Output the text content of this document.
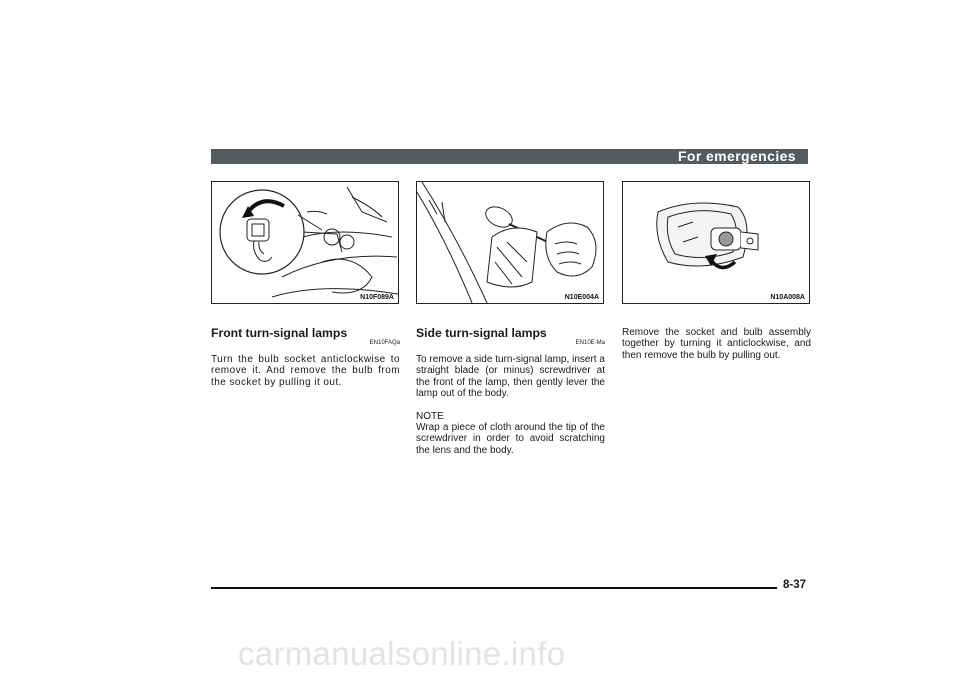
For emergencies
N10F089A	N10E004A	N10A008A
Front turn-signal lamps
EN10FAQa

Turn the bulb socket anticlockwise to remove it. And remove the bulb from the socket by pulling it out.

Side turn-signal lamps
EN10E-Ma

To remove a side turn-signal lamp, insert a straight blade (or minus) screwdriver at the front of the lamp, then gently lever the lamp out of the body.

NOTE

Wrap a piece of cloth around the tip of the screwdriver in order to avoid scratching the lens and the body.

Remove the socket and bulb assembly together by turning it anticlockwise, and then remove the bulb by pulling out.

8-37
carmanualsonline.info
